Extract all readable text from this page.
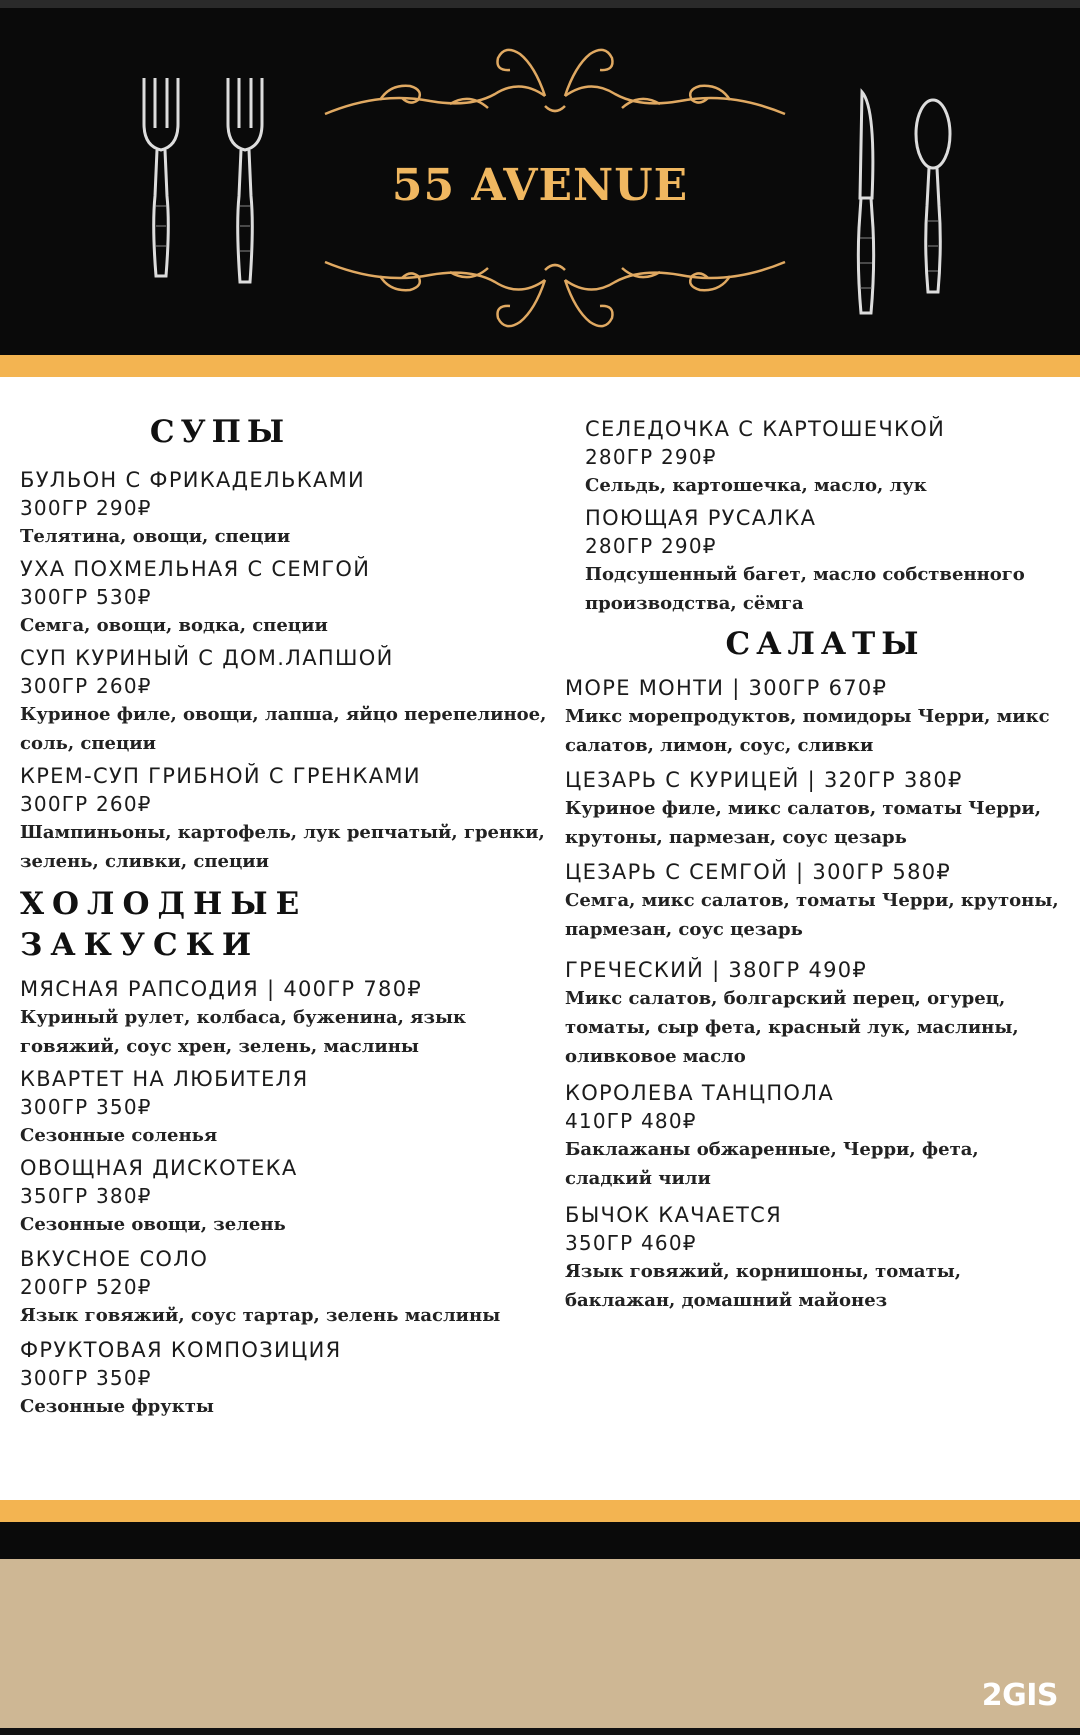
55 AVENUE
СУПЫ
БУЛЬОН С ФРИКАДЕЛЬКАМИ
300ГР 290₽
Телятина, овощи, специи
УХА ПОХМЕЛЬНАЯ С СЕМГОЙ
300ГР 530₽
Семга, овощи, водка, специи
СУП КУРИНЫЙ С ДОМ.ЛАПШОЙ
300ГР 260₽
Куриное филе, овощи, лапша, яйцо перепелиное, соль, специи
КРЕМ-СУП ГРИБНОЙ С ГРЕНКАМИ
300ГР 260₽
Шампиньоны, картофель, лук репчатый, гренки, зелень, сливки, специи
ХОЛОДНЫЕ ЗАКУСКИ
МЯСНАЯ РАПСОДИЯ | 400ГР 780₽
Куриный рулет, колбаса, буженина, язык говяжий, соус хрен, зелень, маслины
КВАРТЕТ НА ЛЮБИТЕЛЯ
300ГР 350₽
Сезонные соленья
ОВОЩНАЯ ДИСКОТЕКА
350ГР 380₽
Сезонные овощи, зелень
ВКУСНОЕ СОЛО
200ГР 520₽
Язык говяжий, соус тартар, зелень маслины
ФРУКТОВАЯ КОМПОЗИЦИЯ
300ГР 350₽
Сезонные фрукты
СЕЛЕДОЧКА С КАРТОШЕЧКОЙ
280ГР 290₽
Сельдь, картошечка, масло, лук
ПОЮЩАЯ РУСАЛКА
280ГР 290₽
Подсушенный багет, масло собственного производства, сёмга
САЛАТЫ
МОРЕ МОНТИ | 300ГР 670₽
Микс морепродуктов, помидоры Черри, микс салатов, лимон, соус, сливки
ЦЕЗАРЬ С КУРИЦЕЙ | 320ГР 380₽
Куриное филе, микс салатов, томаты Черри, крутоны, пармезан, соус цезарь
ЦЕЗАРЬ С СЕМГОЙ | 300ГР 580₽
Семга, микс салатов, томаты Черри, крутоны, пармезан, соус цезарь
ГРЕЧЕСКИЙ | 380ГР 490₽
Микс салатов, болгарский перец, огурец, томаты, сыр фета, красный лук, маслины, оливковое масло
КОРОЛЕВА ТАНЦПОЛА
410ГР 480₽
Баклажаны обжаренные, Черри, фета, сладкий чили
БЫЧОК КАЧАЕТСЯ
350ГР 460₽
Язык говяжий, корнишоны, томаты, баклажан, домашний майонез
2GIS
